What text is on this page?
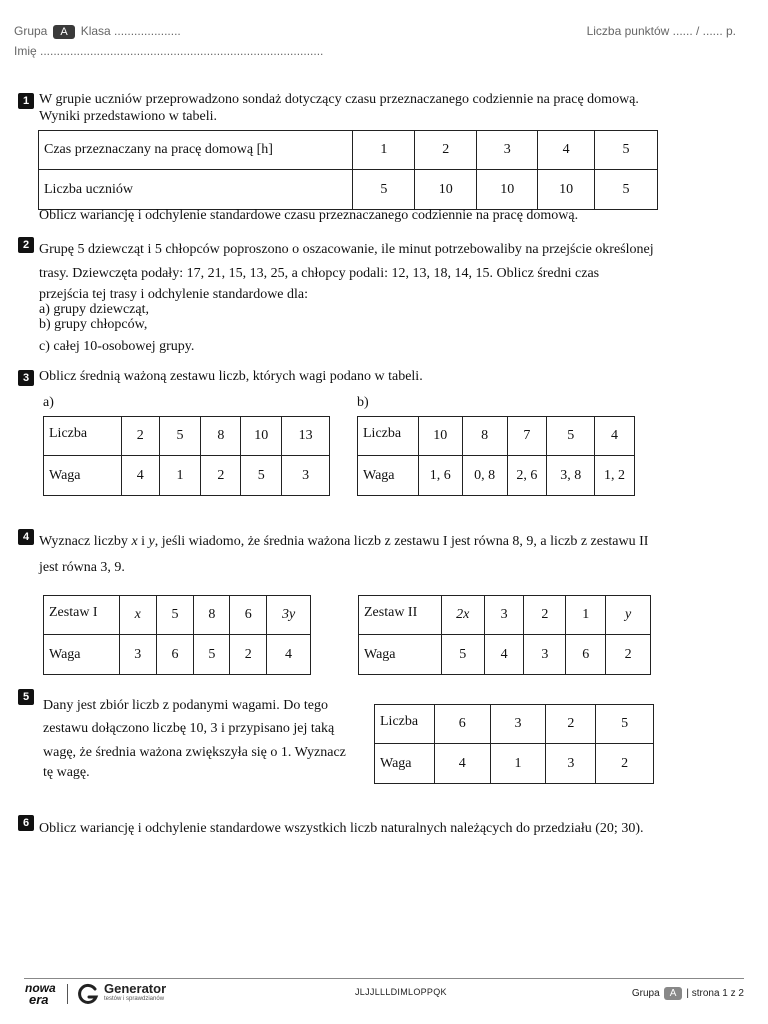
Grupa A Klasa ....................	Liczba punktów ...... / ...... p.
Imię .....................................................................................
1 W grupie uczniów przeprowadzono sondaż dotyczący czasu przeznaczanego codziennie na pracę domową.
Wyniki przedstawiono w tabeli.
Czas przeznaczany na pracę domową [h]	1	2	3	4	5
Liczba uczniów	5	10	10	10	5
Oblicz wariancję i odchylenie standardowe czasu przeznaczanego codziennie na pracę domową.
2 Grupę 5 dziewcząt i 5 chłopców poproszono o oszacowanie, ile minut potrzebowaliby na przejście określonej
trasy. Dziewczęta podały: 17, 21, 15, 13, 25, a chłopcy podali: 12, 13, 18, 14, 15. Oblicz średni czas
przejścia tej trasy i odchylenie standardowe dla:
a) grupy dziewcząt,
b) grupy chłopców,
c) całej 10-osobowej grupy.
3 Oblicz średnią ważoną zestawu liczb, których wagi podano w tabeli.
a)	b)
Liczba	2	5	8	10	13
Waga	4	1	2	5	3
Liczba	10	8	7	5	4
Waga	1, 6	0, 8	2, 6	3, 8	1, 2
4 Wyznacz liczby x i y, jeśli wiadomo, że średnia ważona liczb z zestawu I jest równa 8, 9, a liczb z zestawu II
jest równa 3, 9.
Zestaw I	x	5	8	6	3y
Waga	3	6	5	2	4
Zestaw II	2x	3	2	1	y
Waga	5	4	3	6	2
5
Dany jest zbiór liczb z podanymi wagami. Do tego
zestawu dołączono liczbę 10, 3 i przypisano jej taką
wagę, że średnia ważona zwiększyła się o 1. Wyznacz
tę wagę.
Liczba	6	3	2	5
Waga	4	1	3	2
6 Oblicz wariancję i odchylenie standardowe wszystkich liczb naturalnych należących do przedziału (20; 30).
nowa
era
Generator
testów i sprawdzianów
JLJJLLLDIMLOPPQK	Grupa A | strona 1 z 2
